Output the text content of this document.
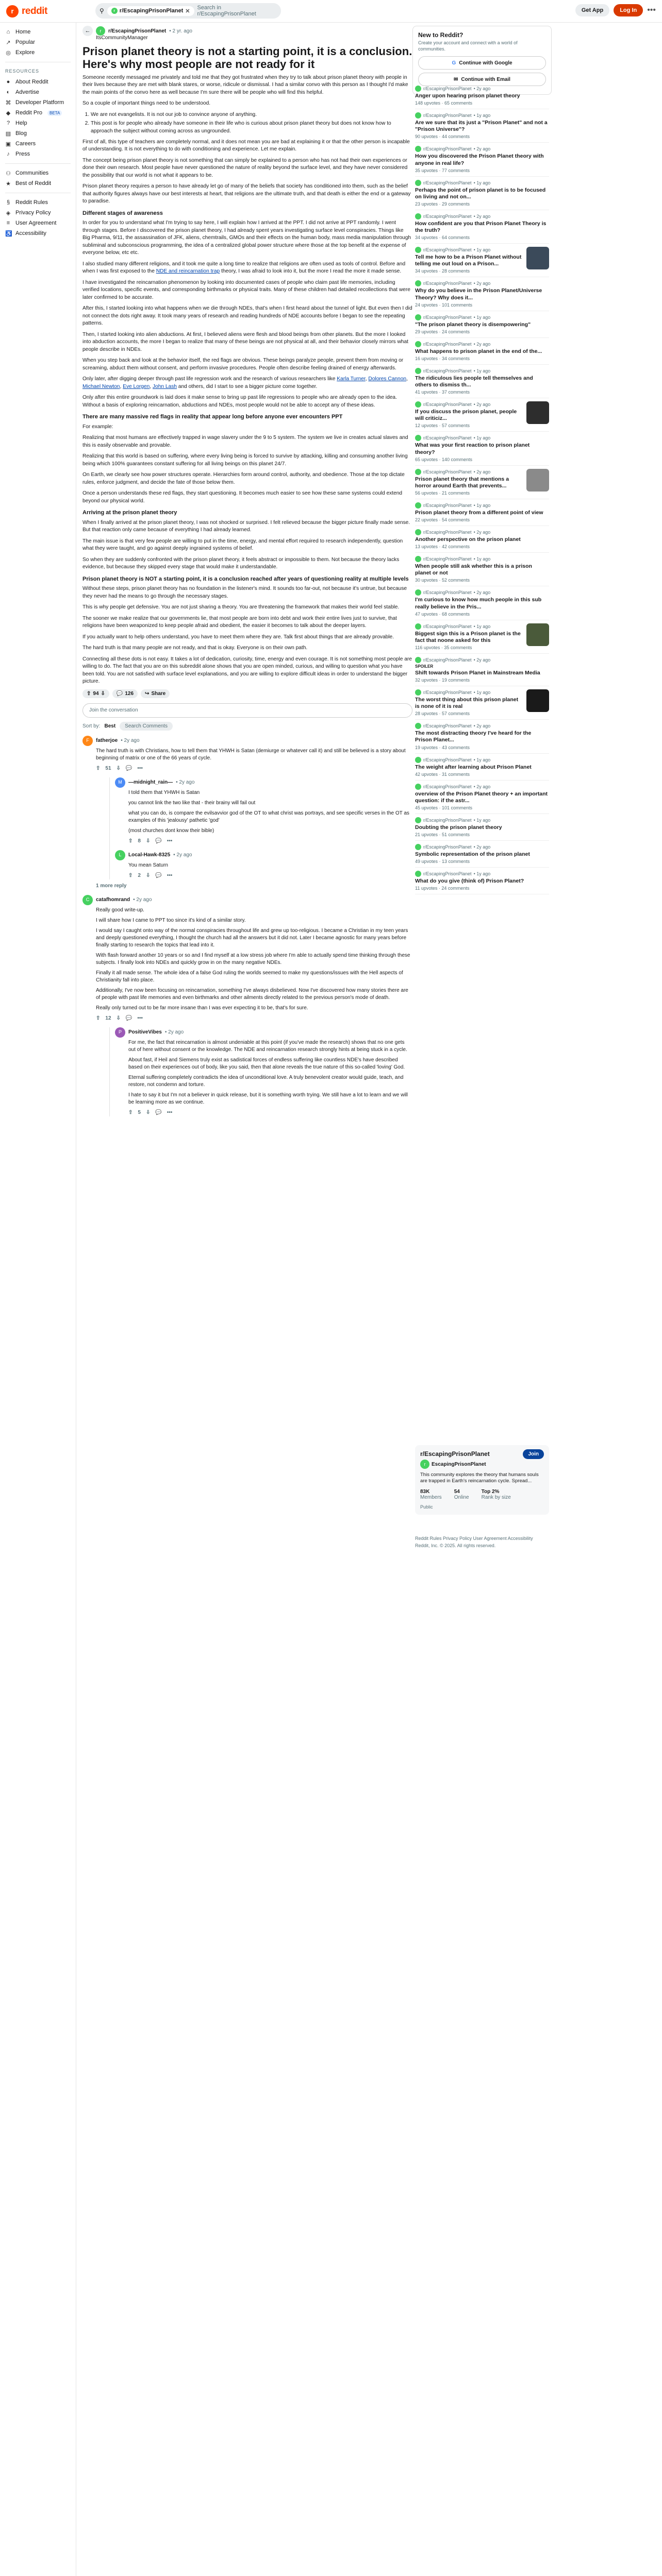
r reddit	⚲	r r/EscapingPrisonPlanet ✕
Search in r/EscapingPrisonPlanet
Get App	Log In	•••
⌂ Home
↗ Popular
◎ Explore
RESOURCES
● About Reddit
◐ Advertise
⌘ Developer Platform
◆ Reddit Pro	BETA
? Help
▤ Blog
▣ Careers
♪ Press
⚇ Communities
★ Best of Reddit
§ Reddit Rules
◈ Privacy Policy
≡ User Agreement
♿ Accessibility
←	r	r/EscapingPrisonPlanet • 2 yr. ago
ItsCommunityManager
Prison planet theory is not a starting point, it is a conclusion. Here's why most people are not ready for it

Someone recently messaged me privately and told me that they got frustrated when they try to talk about prison planet theory with people in their lives because they are met with blank stares, or worse, ridicule or dismissal. I had a similar convo with this person as I thought I'd make the main points of the convo here as well because I'm sure there will be people who will find this helpful.

So a couple of important things need to be understood.

1. We are not evangelists. It is not our job to convince anyone of anything.
2. This post is for people who already have someone in their life who is curious about prison planet theory but does not know how to approach the subject without coming across as ungrounded.

First of all, this type of teachers are completely normal, and it does not mean you are bad at explaining it or that the other person is incapable of understanding. It is not everything to do with conditioning and experience. Let me explain.

The concept being prison planet theory is not something that can simply be explained to a person who has not had their own experiences or done their own research. Most people have never questioned the nature of reality beyond the surface level, and they have never considered the possibility that our world is not what it appears to be.

Prison planet theory requires a person to have already let go of many of the beliefs that society has conditioned into them, such as the belief that authority figures always have our best interests at heart, that religions are the ultimate truth, and that death is either the end or a gateway to paradise.

Different stages of awareness

In order for you to understand what I'm trying to say here, I will explain how I arrived at the PPT. I did not arrive at PPT randomly. I went through stages. Before I discovered the prison planet theory, I had already spent years investigating surface level conspiracies. Things like Big Pharma, 9/11, the assassination of JFK, aliens, chemtrails, GMOs and their effects on the human body, mass media manipulation through subliminal and subconscious programming, the idea of a centralized global power structure where those at the top benefit at the expense of everyone below, etc etc.

I also studied many different religions, and it took me quite a long time to realize that religions are often used as tools of control. Before and when I was first exposed to the NDE and reincarnation trap theory, I was afraid to look into it, but the more I read the more it made sense.

I have investigated the reincarnation phenomenon by looking into documented cases of people who claim past life memories, including verified locations, specific events, and corresponding birthmarks or physical traits. Many of these children had detailed recollections that were later confirmed to be accurate.

After this, I started looking into what happens when we die through NDEs, that's when I first heard about the tunnel of light. But even then I did not connect the dots right away. It took many years of research and reading hundreds of NDE accounts before I began to see the repeating patterns.

Then, I started looking into alien abductions. At first, I believed aliens were flesh and blood beings from other planets. But the more I looked into abduction accounts, the more I began to realize that many of these beings are not physical at all, and their behavior closely mirrors what people describe in NDEs.

When you step back and look at the behavior itself, the red flags are obvious. These beings paralyze people, prevent them from moving or screaming, abduct them without consent, and perform invasive procedures. People often describe feeling drained of energy afterwards.

Only later, after digging deeper through past life regression work and the research of various researchers like Karla Turner, Dolores Cannon, Michael Newton, Eve Lorgen, John Lash and others, did I start to see a bigger picture come together.

Only after this entire groundwork is laid does it make sense to bring up past life regressions to people who are already open to the idea. Without a basis of exploring reincarnation, abductions and NDEs, most people would not be able to accept any of these ideas.

There are many massive red flags in reality that appear long before anyone ever encounters PPT

For example:

Realizing that most humans are effectively trapped in wage slavery under the 9 to 5 system. The system we live in creates actual slaves and this is easily observable and provable.

Realizing that this world is based on suffering, where every living being is forced to survive by attacking, killing and consuming another living being which 100% guarantees constant suffering for all living beings on this planet 24/7.

On Earth, we clearly see how power structures operate. Hierarchies form around control, authority, and obedience. Those at the top dictate rules, enforce judgment, and decide the fate of those below them.

Once a person understands these red flags, they start questioning. It becomes much easier to see how these same systems could extend beyond our physical world.

Arriving at the prison planet theory

When I finally arrived at the prison planet theory, I was not shocked or surprised. I felt relieved because the bigger picture finally made sense. But that reaction only came because of everything I had already learned.

The main issue is that very few people are willing to put in the time, energy, and mental effort required to research independently, question what they were taught, and go against deeply ingrained systems of belief.

So when they are suddenly confronted with the prison planet theory, it feels abstract or impossible to them. Not because the theory lacks evidence, but because they skipped every stage that would make it understandable.

Prison planet theory is NOT a starting point, it is a conclusion reached after years of questioning reality at multiple levels

Without these steps, prison planet theory has no foundation in the listener's mind. It sounds too far-out, not because it's untrue, but because they never had the means to go through the necessary stages.

This is why people get defensive. You are not just sharing a theory. You are threatening the framework that makes their world feel stable.

The sooner we make realize that our governments lie, that most people are born into debt and work their entire lives just to survive, that religions have been weaponized to keep people afraid and obedient, the easier it becomes to talk about the deeper layers.

If you actually want to help others understand, you have to meet them where they are. Talk first about things that are already provable.

The hard truth is that many people are not ready, and that is okay. Everyone is on their own path.

Connecting all these dots is not easy. It takes a lot of dedication, curiosity, time, energy and even courage. It is not something most people are willing to do. The fact that you are on this subreddit alone shows that you are open minded, curious, and willing to question what you have been told. You are not satisfied with surface level explanations, and you are willing to explore difficult ideas in order to understand the bigger picture.

⇧ 94 ⇩ 💬 126 ↪ Share
Join the conversation
Sort by: Best	Search Comments
F	fatherjoe • 2y ago

The hard truth is with Christians, how to tell them that YHWH is Satan (demiurge or whatever call it) and still be believed is a story about beginning of matrix or one of the 66 years of cycle.

⇧ 51 ⇩ 💬 •••
M	—midnight_rain— • 2y ago

I told them that YHWH is Satan

you cannot link the two like that - their brainy will fail out

what you can do, is compare the evilsavvior god of the OT to what christ was portrays, and see specific verses in the OT as examples of this 'jealousy' pathetic 'god'

(most churches dont know their bible)

⇧ 8 ⇩ 💬 •••
L	Local-Hawk-8325 • 2y ago

You mean Saturn

⇧ 2 ⇩ 💬 •••
1 more reply
C	catafhomrand • 2y ago

Really good write-up.

I will share how I came to PPT too since it's kind of a similar story.

I would say I caught onto way of the normal conspiracies throughout life and grew up too-religious. I became a Christian in my teen years and deeply questioned everything, I thought the church had all the answers but it did not. Later I became agnostic for many years before finally starting to research the topics that lead into it.

With flash forward another 10 years or so and I find myself at a low stress job where I'm able to actually spend time thinking through these subjects. I finally look into NDEs and quickly grow in on the many negative NDEs.

Finally it all made sense. The whole idea of a false God ruling the worlds seemed to make my questions/issues with the Hell aspects of Christianity fall into place.

Additionally, I've now been focusing on reincarnation, something I've always disbelieved. Now I've discovered how many stories there are of people with past life memories and even birthmarks and other ailments directly related to the previous person's mode of death.

Really only turned out to be far more insane than I was ever expecting it to be, that's for sure.

⇧ 12 ⇩ 💬 •••
P	PositiveVibes • 2y ago

For me, the fact that reincarnation is almost undeniable at this point (if you've made the research) shows that no one gets out of here without consent or the knowledge. The NDE and reincarnation research strongly hints at being stuck in a cycle.

About fast, if Heil and Siemens truly exist as sadistical forces of endless suffering like countless NDE's have described based on their experiences out of body, like you said, then that alone reveals the true nature of this so-called 'loving' God.

Eternal suffering completely contradicts the idea of unconditional love. A truly benevolent creator would guide, teach, and restore, not condemn and torture.

I hate to say it but I'm not a believer in quick release, but it is something worth trying. We still have a lot to learn and we will be learning more as we continue.

⇧ 5 ⇩ 💬 •••
New to Reddit?
Create your account and connect with a world of communities.
G Continue with Google
✉ Continue with Email
r/EscapingPrisonPlanet • 2y ago
Anger upon hearing prison planet theory
148 upvotes · 65 comments
r/EscapingPrisonPlanet • 1y ago
Are we sure that its just a "Prison Planet" and not a "Prison Universe"?
90 upvotes · 44 comments
r/EscapingPrisonPlanet • 2y ago
How you discovered the Prison Planet theory with anyone in real life?
35 upvotes · 77 comments
r/EscapingPrisonPlanet • 1y ago
Perhaps the point of prison planet is to be focused on living and not on...
23 upvotes · 29 comments
r/EscapingPrisonPlanet • 2y ago
How confident are you that Prison Planet Theory is the truth?
34 upvotes · 64 comments
r/EscapingPrisonPlanet • 1y ago
Tell me how to be a Prison Planet without telling me out loud on a Prison...
34 upvotes · 28 comments
r/EscapingPrisonPlanet • 2y ago
Why do you believe in the Prison Planet/Universe Theory? Why does it...
24 upvotes · 101 comments
r/EscapingPrisonPlanet • 1y ago
"The prison planet theory is disempowering"
29 upvotes · 24 comments
r/EscapingPrisonPlanet • 2y ago
What happens to prison planet in the end of the...
16 upvotes · 34 comments
r/EscapingPrisonPlanet • 1y ago
The ridiculous lies people tell themselves and others to dismiss th...
41 upvotes · 37 comments
r/EscapingPrisonPlanet • 2y ago
If you discuss the prison planet, people will criticiz...
12 upvotes · 57 comments
r/EscapingPrisonPlanet • 1y ago
What was your first reaction to prison planet theory?
65 upvotes · 140 comments
r/EscapingPrisonPlanet • 2y ago
Prison planet theory that mentions a horror around Earth that prevents...
56 upvotes · 21 comments
r/EscapingPrisonPlanet • 1y ago
Prison planet theory from a different point of view
22 upvotes · 54 comments
r/EscapingPrisonPlanet • 2y ago
Another perspective on the prison planet
13 upvotes · 42 comments
r/EscapingPrisonPlanet • 1y ago
When people still ask whether this is a prison planet or not
30 upvotes · 52 comments
r/EscapingPrisonPlanet • 2y ago
I'm curious to know how much people in this sub really believe in the Pris...
47 upvotes · 68 comments
r/EscapingPrisonPlanet • 1y ago
Biggest sign this is a Prison planet is the fact that noone asked for this
116 upvotes · 35 comments
r/EscapingPrisonPlanet • 2y ago
SPOILER
Shift towards Prison Planet in Mainstream Media
32 upvotes · 19 comments
r/EscapingPrisonPlanet • 1y ago
The worst thing about this prison planet is none of it is real
28 upvotes · 57 comments
r/EscapingPrisonPlanet • 2y ago
The most distracting theory I've heard for the Prison Planet...
19 upvotes · 43 comments
r/EscapingPrisonPlanet • 1y ago
The weight after learning about Prison Planet
42 upvotes · 31 comments
r/EscapingPrisonPlanet • 2y ago
overview of the Prison Planet theory + an important question: if the astr...
45 upvotes · 101 comments
r/EscapingPrisonPlanet • 1y ago
Doubting the prison planet theory
21 upvotes · 51 comments
r/EscapingPrisonPlanet • 2y ago
Symbolic representation of the prison planet
49 upvotes · 13 comments
r/EscapingPrisonPlanet • 1y ago
What do you give (think of) Prison Planet?
11 upvotes · 24 comments
r/EscapingPrisonPlanet	Join
r	EscapingPrisonPlanet
This community explores the theory that humans souls are trapped in Earth's reincarnation cycle. Spread...
83K
Members
54
Online
Top 2%
Rank by size
Public
Reddit Rules Privacy Policy User Agreement Accessibility
Reddit, Inc. © 2025. All rights reserved.
